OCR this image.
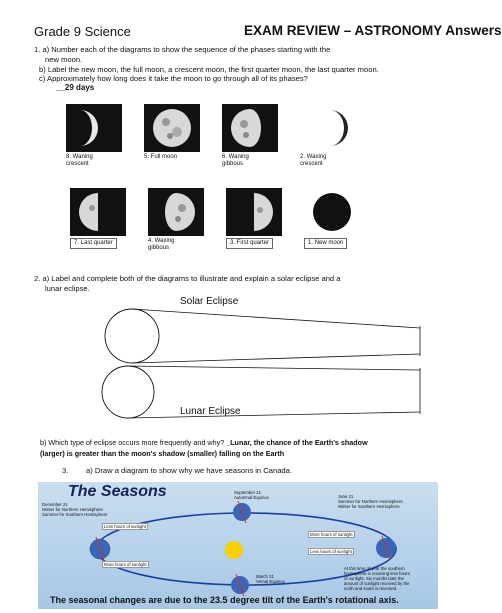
Grade 9 Science	EXAM REVIEW – ASTRONOMY Answers
1. a) Number each of the diagrams to show the sequence of the phases starting with the
new moon.
b) Label the new moon, the full moon, a crescent moon, the first quarter moon, the last quarter moon.
c) Approximately how long does it take the moon to go through all of its phases?
__29 days
8. Waning
crescent
5. Full moon	6. Waning
gibbous
2. Waxing
crescent
7. Last quarter	4. Waxing
gibbous
3. First quarter	1. New moon
2. a) Label and complete both of the diagrams to illustrate and explain a solar eclipse and a
lunar eclipse.
Solar Eclipse
Lunar Eclipse
b) Which type of eclipse occurs more frequently and why? _Lunar, the chance of the Earth's shadow
(larger) is greater than the moon's shadow (smaller) falling on the Earth
3. a) Draw a diagram to show why we have seasons in Canada.
The Seasons	September 21
Autumnal Equinox	June 21
Summer for Northern Hemisphere
Winter for Southern Hemisphere
December 21
Winter for Northern Hemisphere
Summer for Southern Hemisphere
Less hours of sunlight
More hours of sunlight
More hours of sunlight
Less hours of sunlight
March 21
Vernal Equinox
At this time of year the southern
hemisphere is receiving less hours
of sunlight. Six months later the
amount of sunlight received by the
north and south is reversed.
The seasonal changes are due to the 23.5 degree tilt of the Earth's rotational axis.
